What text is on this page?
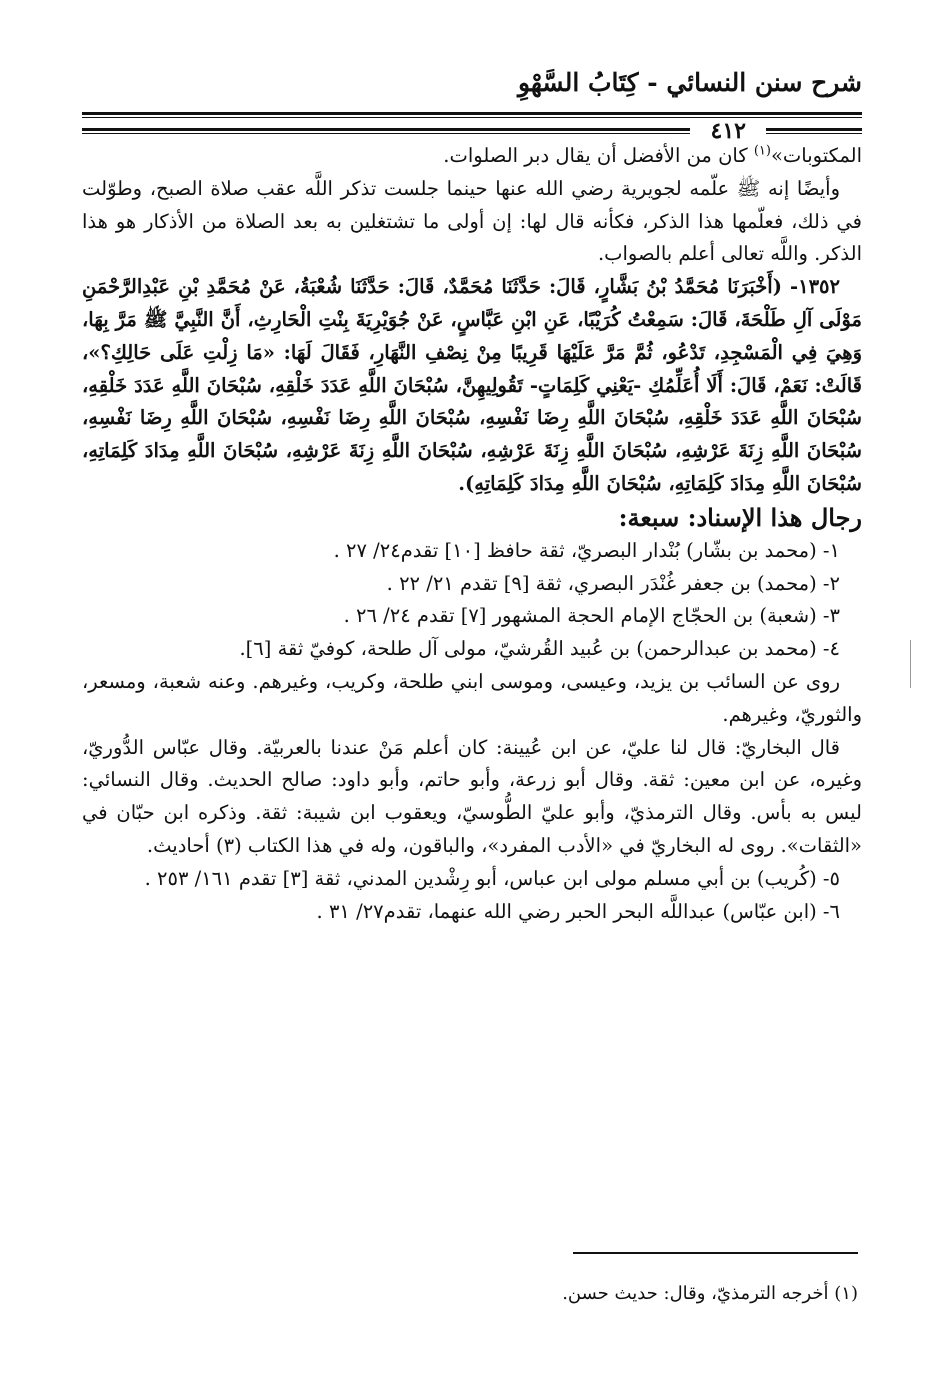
شرح سنن النسائي - كِتَابُ السَّهْوِ
٤١٢

المكتوبات»$^{(١)}$ كان من الأفضل أن يقال دبر الصلوات.

وأيضًا إنه ﷺ علّمه لجويرية رضي الله عنها حينما جلست تذكر اللَّه عقب صلاة الصبح، وطوّلت في ذلك، فعلّمها هذا الذكر، فكأنه قال لها: إن أولى ما تشتغلين به بعد الصلاة من الأذكار هو هذا الذكر. واللَّه تعالى أعلم بالصواب.

١٣٥٢- (أَخْبَرَنَا مُحَمَّدُ بْنُ بَشَّارٍ، قَالَ: حَدَّثَنَا مُحَمَّدٌ، قَالَ: حَدَّثَنَا شُعْبَةُ، عَنْ مُحَمَّدِ بْنِ عَبْدِالرَّحْمَنِ مَوْلَى آلِ طَلْحَةَ، قَالَ: سَمِعْتُ كُرَيْبًا، عَنِ ابْنِ عَبَّاسٍ، عَنْ جُوَيْرِيَةَ بِنْتِ الْحَارِثِ، أَنَّ النَّبِيَّ ﷺ مَرَّ بِهَا، وَهِيَ فِي الْمَسْجِدِ، تَدْعُو، ثُمَّ مَرَّ عَلَيْهَا قَرِيبًا مِنْ نِصْفِ النَّهَارِ، فَقَالَ لَهَا: «مَا زِلْتِ عَلَى حَالِكِ؟»، قَالَتْ: نَعَمْ، قَالَ: أَلَا أُعَلِّمُكِ -يَعْنِي كَلِمَاتٍ- تَقُولِيهِنَّ، سُبْحَانَ اللَّهِ عَدَدَ خَلْقِهِ، سُبْحَانَ اللَّهِ عَدَدَ خَلْقِهِ، سُبْحَانَ اللَّهِ عَدَدَ خَلْقِهِ، سُبْحَانَ اللَّهِ رِضَا نَفْسِهِ، سُبْحَانَ اللَّهِ رِضَا نَفْسِهِ، سُبْحَانَ اللَّهِ رِضَا نَفْسِهِ، سُبْحَانَ اللَّهِ زِنَةَ عَرْشِهِ، سُبْحَانَ اللَّهِ زِنَةَ عَرْشِهِ، سُبْحَانَ اللَّهِ زِنَةَ عَرْشِهِ، سُبْحَانَ اللَّهِ مِدَادَ كَلِمَاتِهِ، سُبْحَانَ اللَّهِ مِدَادَ كَلِمَاتِهِ، سُبْحَانَ اللَّهِ مِدَادَ كَلِمَاتِهِ).

رجال هذا الإسناد: سبعة:

١- (محمد بن بشّار) بُنْدار البصريّ، ثقة حافظ [١٠] تقدم٢٤/ ٢٧ .

٢- (محمد) بن جعفر غُنْدَر البصري، ثقة [٩] تقدم ٢١/ ٢٢ .

٣- (شعبة) بن الحجّاج الإمام الحجة المشهور [٧] تقدم ٢٤/ ٢٦ .

٤- (محمد بن عبدالرحمن) بن عُبيد القُرشيّ، مولى آل طلحة، كوفيّ ثقة [٦].

روى عن السائب بن يزيد، وعيسى، وموسى ابني طلحة، وكريب، وغيرهم. وعنه شعبة، ومسعر، والثوريّ، وغيرهم.

قال البخاريّ: قال لنا عليّ، عن ابن عُيينة: كان أعلم مَنْ عندنا بالعربيّة. وقال عبّاس الدُّوريّ، وغيره، عن ابن معين: ثقة. وقال أبو زرعة، وأبو حاتم، وأبو داود: صالح الحديث. وقال النسائي: ليس به بأس. وقال الترمذيّ، وأبو عليّ الطُّوسيّ، ويعقوب ابن شيبة: ثقة. وذكره ابن حبّان في «الثقات». روى له البخاريّ في «الأدب المفرد»، والباقون، وله في هذا الكتاب (٣) أحاديث.

٥- (كُريب) بن أبي مسلم مولى ابن عباس، أبو رِشْدين المدني، ثقة [٣] تقدم ١٦١/ ٢٥٣ .

٦- (ابن عبّاس) عبداللَّه البحر الحبر رضي الله عنهما، تقدم٢٧/ ٣١ .

(١) أخرجه الترمذيّ، وقال: حديث حسن.
